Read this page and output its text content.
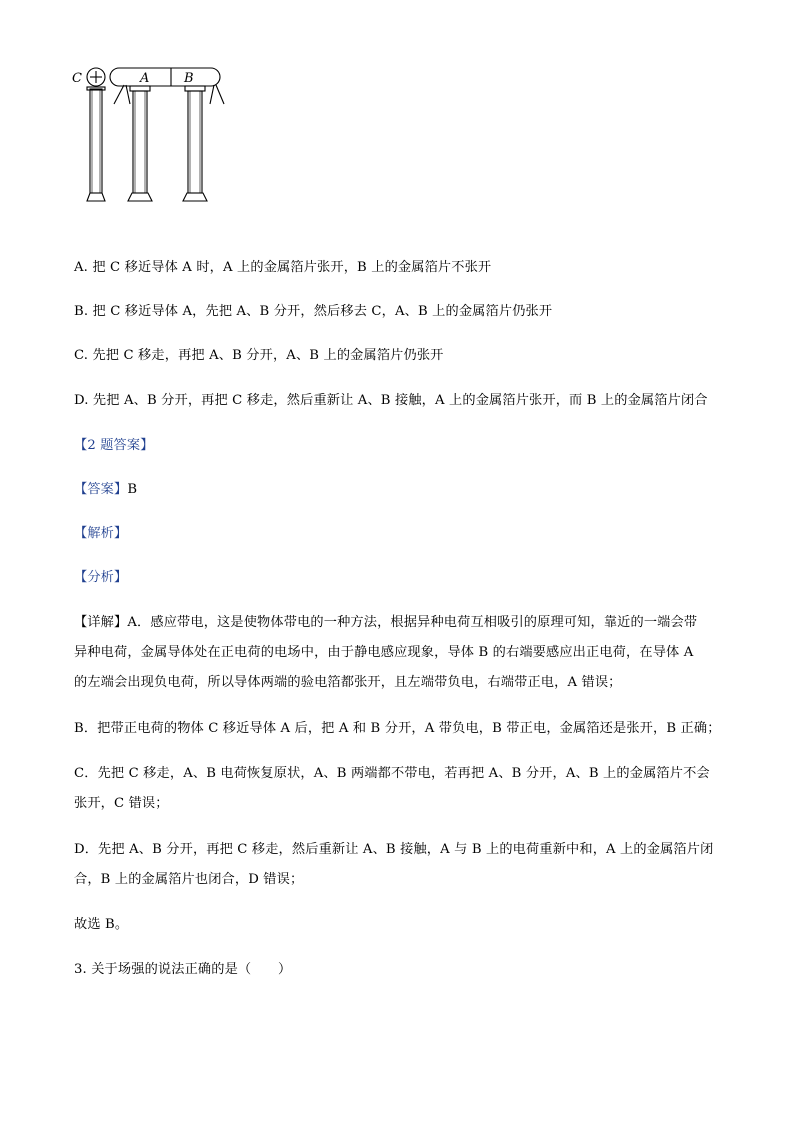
C	A	B
A. 把 C 移近导体 A 时，A 上的金属箔片张开，B 上的金属箔片不张开
B. 把 C 移近导体 A，先把 A、B 分开，然后移去 C，A、B 上的金属箔片仍张开
C. 先把 C 移走，再把 A、B 分开，A、B 上的金属箔片仍张开
D. 先把 A、B 分开，再把 C 移走，然后重新让 A、B 接触，A 上的金属箔片张开，而 B 上的金属箔片闭合
【2 题答案】
【答案】B
【解析】
【分析】
【详解】A．感应带电，这是使物体带电的一种方法，根据异种电荷互相吸引的原理可知，靠近的一端会带
异种电荷，金属导体处在正电荷的电场中，由于静电感应现象，导体 B 的右端要感应出正电荷，在导体 A
的左端会出现负电荷，所以导体两端的验电箔都张开，且左端带负电，右端带正电，A 错误；
B．把带正电荷的物体 C 移近导体 A 后，把 A 和 B 分开，A 带负电，B 带正电，金属箔还是张开，B 正确；
C．先把 C 移走，A、B 电荷恢复原状，A、B 两端都不带电，若再把 A、B 分开，A、B 上的金属箔片不会
张开，C 错误；
D．先把 A、B 分开，再把 C 移走，然后重新让 A、B 接触，A 与 B 上的电荷重新中和，A 上的金属箔片闭
合，B 上的金属箔片也闭合，D 错误；
故选 B。
3. 关于场强的说法正确的是（　　）
